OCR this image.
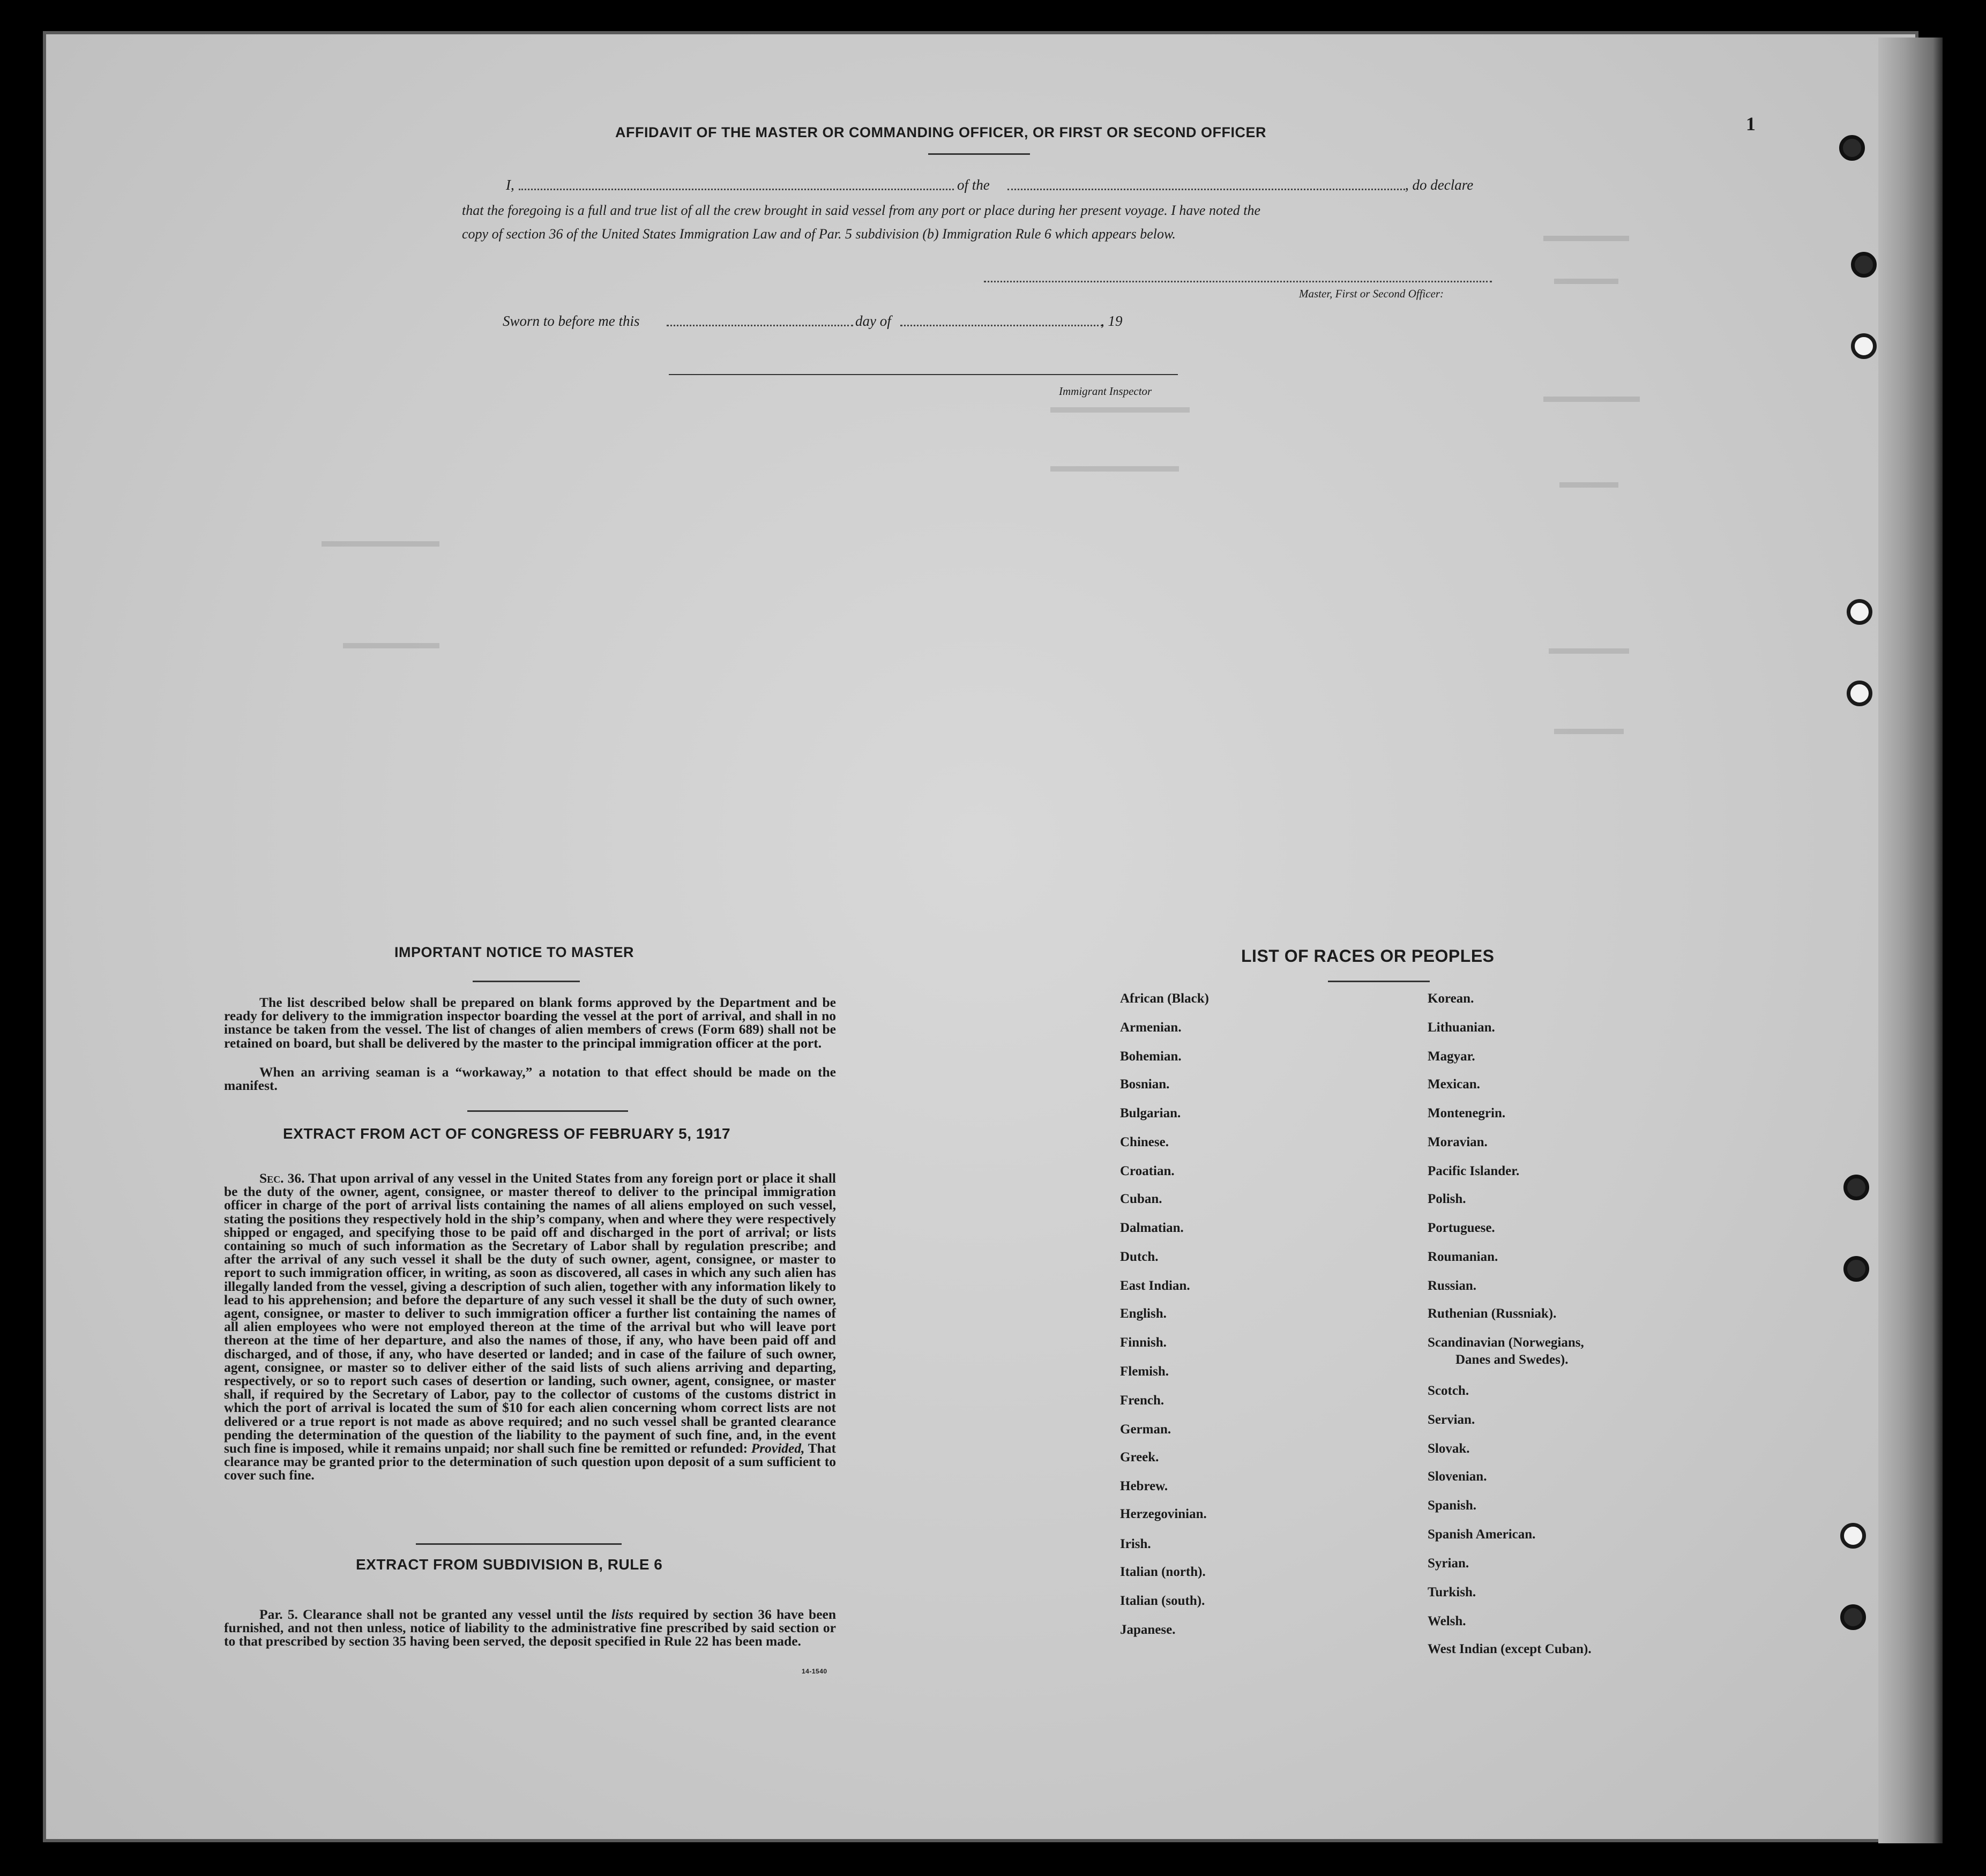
1
AFFIDAVIT OF THE MASTER OR COMMANDING OFFICER, OR FIRST OR SECOND OFFICER
I,	of the	, do declare
that the foregoing is a full and true list of all the crew brought in said vessel from any port or place during her present voyage. I have noted the
copy of section 36 of the United States Immigration Law and of Par. 5 subdivision (b) Immigration Rule 6 which appears below.
Master, First or Second Officer:
Sworn to before me this	day of	, 19
Immigrant Inspector
IMPORTANT NOTICE TO MASTER
The list described below shall be prepared on blank forms approved by the Department and be ready for delivery to the immigration inspector boarding the vessel at the port of arrival, and shall in no instance be taken from the vessel. The list of changes of alien members of crews (Form 689) shall not be retained on board, but shall be delivered by the master to the principal immigration officer at the port.
When an arriving seaman is a “workaway,” a notation to that effect should be made on the manifest.
EXTRACT FROM ACT OF CONGRESS OF FEBRUARY 5, 1917
Sec. 36. That upon arrival of any vessel in the United States from any foreign port or place it shall be the duty of the owner, agent, consignee, or master thereof to deliver to the principal immigration officer in charge of the port of arrival lists containing the names of all aliens employed on such vessel, stating the positions they respectively hold in the ship’s company, when and where they were respectively shipped or engaged, and specifying those to be paid off and discharged in the port of arrival; or lists containing so much of such information as the Secretary of Labor shall by regulation prescribe; and after the arrival of any such vessel it shall be the duty of such owner, agent, consignee, or master to report to such immigration officer, in writing, as soon as discovered, all cases in which any such alien has illegally landed from the vessel, giving a description of such alien, together with any information likely to lead to his apprehension; and before the departure of any such vessel it shall be the duty of such owner, agent, consignee, or master to deliver to such immigration officer a further list containing the names of all alien employees who were not employed thereon at the time of the arrival but who will leave port thereon at the time of her departure, and also the names of those, if any, who have been paid off and discharged, and of those, if any, who have deserted or landed; and in case of the failure of such owner, agent, consignee, or master so to deliver either of the said lists of such aliens arriving and departing, respectively, or so to report such cases of desertion or landing, such owner, agent, consignee, or master shall, if required by the Secretary of Labor, pay to the collector of customs of the customs district in which the port of arrival is located the sum of $10 for each alien concerning whom correct lists are not delivered or a true report is not made as above required; and no such vessel shall be granted clearance pending the determination of the question of the liability to the payment of such fine, and, in the event such fine is imposed, while it remains unpaid; nor shall such fine be remitted or refunded: Provided, That clearance may be granted prior to the determination of such question upon deposit of a sum sufficient to cover such fine.
EXTRACT FROM SUBDIVISION B, RULE 6
Par. 5. Clearance shall not be granted any vessel until the lists required by section 36 have been furnished, and not then unless, notice of liability to the administrative fine prescribed by said section or to that prescribed by section 35 having been served, the deposit specified in Rule 22 has been made.
14-1540
LIST OF RACES OR PEOPLES
African (Black)
Armenian.
Bohemian.
Bosnian.
Bulgarian.
Chinese.
Croatian.
Cuban.
Dalmatian.
Dutch.
East Indian.
English.
Finnish.
Flemish.
French.
German.
Greek.
Hebrew.
Herzegovinian.
Irish.
Italian (north).
Italian (south).
Japanese.
Korean.
Lithuanian.
Magyar.
Mexican.
Montenegrin.
Moravian.
Pacific Islander.
Polish.
Portuguese.
Roumanian.
Russian.
Ruthenian (Russniak).
Scandinavian (Norwegians,
Danes and Swedes).
Scotch.
Servian.
Slovak.
Slovenian.
Spanish.
Spanish American.
Syrian.
Turkish.
Welsh.
West Indian (except Cuban).
